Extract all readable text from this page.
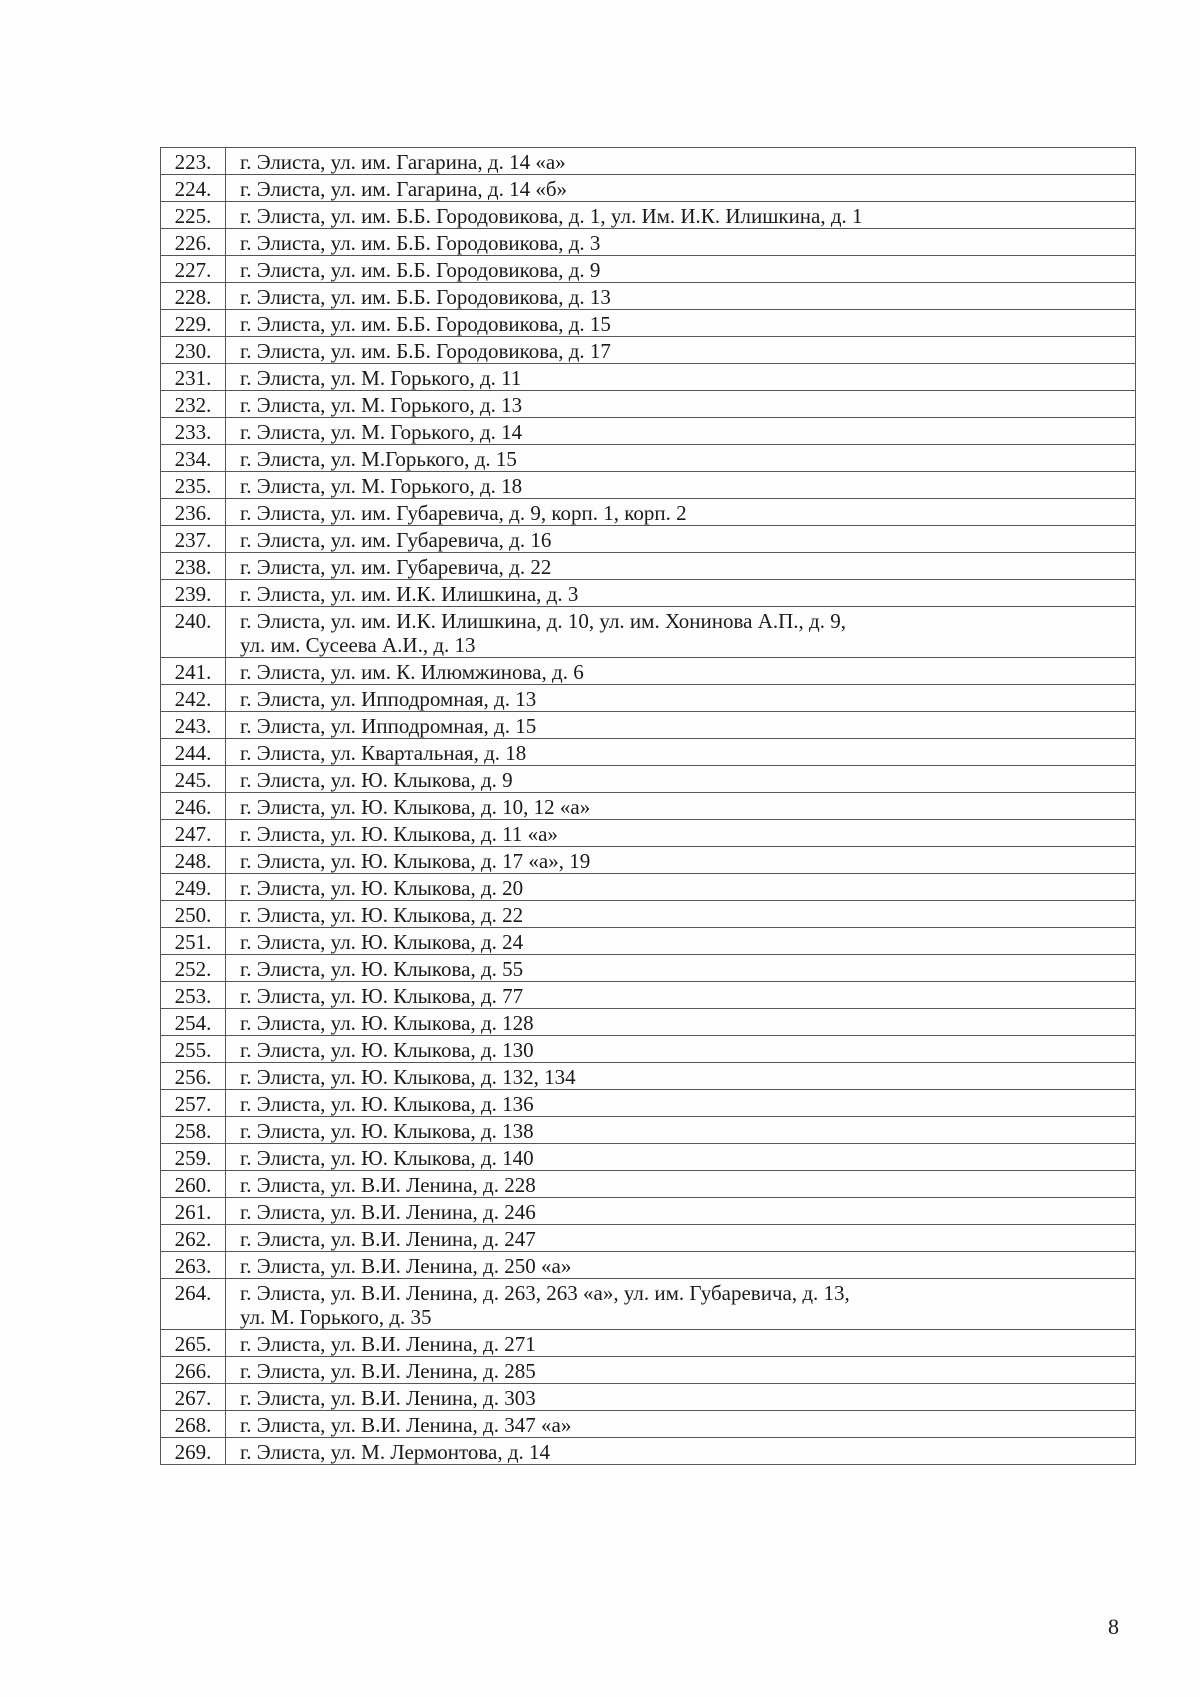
223.	г. Элиста, ул. им. Гагарина, д. 14 «а»
224.	г. Элиста, ул. им. Гагарина, д. 14 «б»
225.	г. Элиста, ул. им. Б.Б. Городовикова, д. 1, ул. Им. И.К. Илишкина, д. 1
226.	г. Элиста, ул. им. Б.Б. Городовикова, д. 3
227.	г. Элиста, ул. им. Б.Б. Городовикова, д. 9
228.	г. Элиста, ул. им. Б.Б. Городовикова, д. 13
229.	г. Элиста, ул. им. Б.Б. Городовикова, д. 15
230.	г. Элиста, ул. им. Б.Б. Городовикова, д. 17
231.	г. Элиста, ул. М. Горького, д. 11
232.	г. Элиста, ул. М. Горького, д. 13
233.	г. Элиста, ул. М. Горького, д. 14
234.	г. Элиста, ул. М.Горького, д. 15
235.	г. Элиста, ул. М. Горького, д. 18
236.	г. Элиста, ул. им. Губаревича, д. 9, корп. 1, корп. 2
237.	г. Элиста, ул. им. Губаревича, д. 16
238.	г. Элиста, ул. им. Губаревича, д. 22
239.	г. Элиста, ул. им. И.К. Илишкина, д. 3
240.	г. Элиста, ул. им. И.К. Илишкина, д. 10, ул. им. Хонинова А.П., д. 9,
ул. им. Сусеева А.И., д. 13
241.	г. Элиста, ул. им. К. Илюмжинова, д. 6
242.	г. Элиста, ул. Ипподромная, д. 13
243.	г. Элиста, ул. Ипподромная, д. 15
244.	г. Элиста, ул. Квартальная, д. 18
245.	г. Элиста, ул. Ю. Клыкова, д. 9
246.	г. Элиста, ул. Ю. Клыкова, д. 10, 12 «а»
247.	г. Элиста, ул. Ю. Клыкова, д. 11 «а»
248.	г. Элиста, ул. Ю. Клыкова, д. 17 «а», 19
249.	г. Элиста, ул. Ю. Клыкова, д. 20
250.	г. Элиста, ул. Ю. Клыкова, д. 22
251.	г. Элиста, ул. Ю. Клыкова, д. 24
252.	г. Элиста, ул. Ю. Клыкова, д. 55
253.	г. Элиста, ул. Ю. Клыкова, д. 77
254.	г. Элиста, ул. Ю. Клыкова, д. 128
255.	г. Элиста, ул. Ю. Клыкова, д. 130
256.	г. Элиста, ул. Ю. Клыкова, д. 132, 134
257.	г. Элиста, ул. Ю. Клыкова, д. 136
258.	г. Элиста, ул. Ю. Клыкова, д. 138
259.	г. Элиста, ул. Ю. Клыкова, д. 140
260.	г. Элиста, ул. В.И. Ленина, д. 228
261.	г. Элиста, ул. В.И. Ленина, д. 246
262.	г. Элиста, ул. В.И. Ленина, д. 247
263.	г. Элиста, ул. В.И. Ленина, д. 250 «а»
264.	г. Элиста, ул. В.И. Ленина, д. 263, 263 «а», ул. им. Губаревича, д. 13,
ул. М. Горького, д. 35
265.	г. Элиста, ул. В.И. Ленина, д. 271
266.	г. Элиста, ул. В.И. Ленина, д. 285
267.	г. Элиста, ул. В.И. Ленина, д. 303
268.	г. Элиста, ул. В.И. Ленина, д. 347 «а»
269.	г. Элиста, ул. М. Лермонтова, д. 14
8
